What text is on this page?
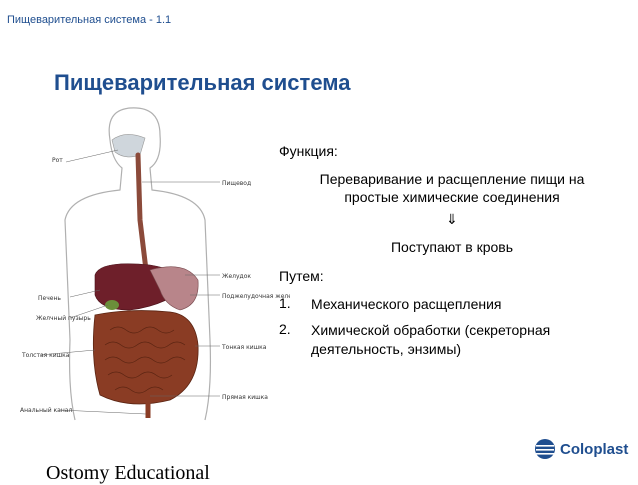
Пищеварительная система - 1.1
Пищеварительная система
Рот
Пищевод
Желудок
Поджелудочная жел
Печень
Желчный пузырь
Толстая кишка
Тонкая кишка
Прямая кишка
Анальный канал
Функция:
Переваривание и расщепление пищи на
простые химические соединения
⇓
Поступают в кровь
Путем:
1.	Механического расщепления
2.	Химической обработки (секреторная деятельность, энзимы)
Coloplast
Ostomy Educational
